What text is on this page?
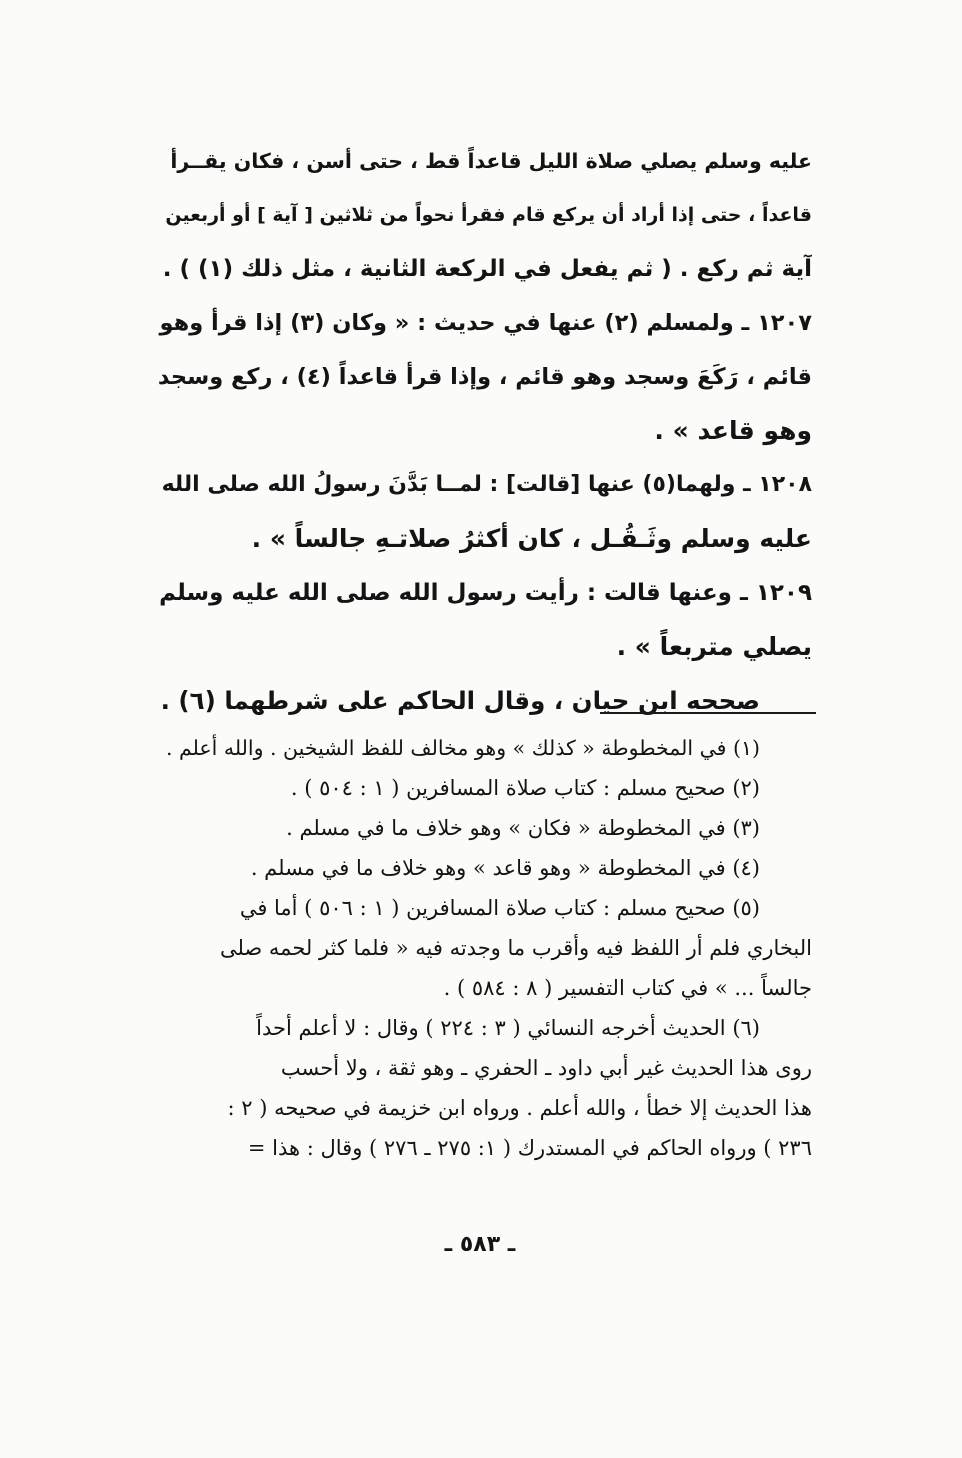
عليه وسلم يصلي صلاة الليل قاعداً قط ، حتى أسن ، فكان يقــرأ
قاعداً ، حتى إذا أراد أن يركع قام فقرأ نحواً من ثلاثين [ آية ] أو أربعين
آية ثم ركع . ( ثم يفعل في الركعة الثانية ، مثل ذلك (١) ) .
١٢٠٧ ـ ولمسلم (٢) عنها في حديث : « وكان (٣) إذا قرأ وهو
قائم ، رَكَعَ وسجد وهو قائم ، وإذا قرأ قاعداً (٤) ، ركع وسجد
وهو قاعد » .
١٢٠٨ ـ ولهما(٥) عنها [قالت] : لمــا بَدَّنَ رسولُ الله صلى الله
عليه وسلم وثَـقُـل ، كان أكثرُ صلاتـهِ جالساً » .
١٢٠٩ ـ وعنها قالت : رأيت رسول الله صلى الله عليه وسلم
يصلي متربعاً » .
صححه ابن حيان ، وقال الحاكم على شرطهما (٦) .
(١) في المخطوطة « كذلك » وهو مخالف للفظ الشيخين . والله أعلم .
(٢) صحيح مسلم : كتاب صلاة المسافرين ( ١ : ٥٠٤ ) .
(٣) في المخطوطة « فكان » وهو خلاف ما في مسلم .
(٤) في المخطوطة « وهو قاعد » وهو خلاف ما في مسلم .
(٥) صحيح مسلم : كتاب صلاة المسافرين ( ١ : ٥٠٦ ) أما في
البخاري فلم أر اللفظ فيه وأقرب ما وجدته فيه « فلما كثر لحمه صلى
جالساً ... » في كتاب التفسير ( ٨ : ٥٨٤ ) .
(٦) الحديث أخرجه النسائي ( ٣ : ٢٢٤ ) وقال : لا أعلم أحداً
روى هذا الحديث غير أبي داود ـ الحفري ـ وهو ثقة ، ولا أحسب
هذا الحديث إلا خطأ ، والله أعلم . ورواه ابن خزيمة في صحيحه ( ٢ :
٢٣٦ ) ورواه الحاكم في المستدرك ( ١: ٢٧٥ ـ ٢٧٦ ) وقال : هذا =
ـ ٥٨٣ ـ
